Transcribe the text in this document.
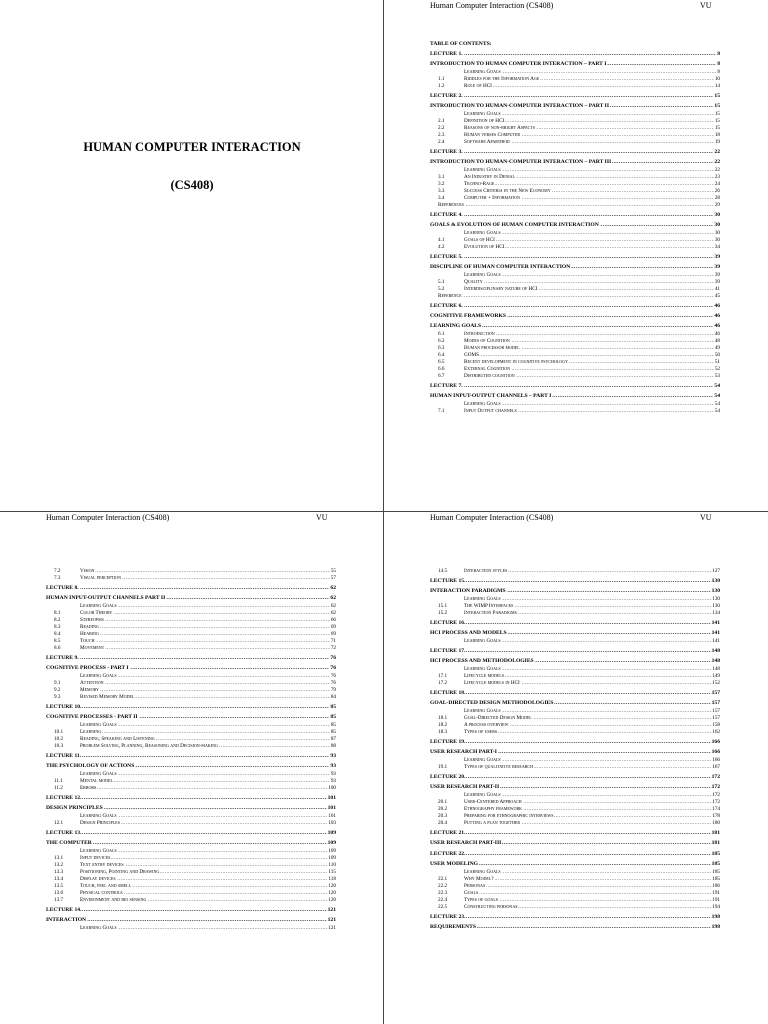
HUMAN COMPUTER INTERACTION
(CS408)
Human Computer Interaction (CS408)	VU
TABLE OF CONTENTS:
.....
LECTURE 1.	8
.....
INTRODUCTION TO HUMAN COMPUTER INTERACTION – PART I	8
.....
Learning Goals	8
.....
1.1	Riddles for the Information Age	10
.....
1.2	Role of HCI	14
.....
LECTURE 2.	15
.....
INTRODUCTION TO HUMAN-COMPUTER INTERACTION – PART II	15
.....
Learning Goals	15
.....
2.1	Definition of HCI	15
.....
2.2	Reasons of non-bright Aspects	15
.....
2.3	Human verses Computer	18
.....
2.4	Software Apartheid	19
.....
LECTURE 3.	22
.....
INTRODUCTION TO HUMAN-COMPUTER INTERACTION – PART III	22
.....
Learning Goals	22
.....
3.1	An Industry in Denial	23
.....
3.2	Techno-Rage	24
.....
3.3	Success Criteria in the New Economy	26
.....
3.4	Computer + Information	28
.....
References	29
.....
LECTURE 4.	30
.....
GOALS & EVOLUTION OF HUMAN COMPUTER INTERACTION	30
.....
Learning Goals	30
.....
4.1	Goals of HCI	30
.....
4.2	Evolution of HCI	34
.....
LECTURE 5.	39
.....
DISCIPLINE OF HUMAN COMPUTER INTERACTION	39
.....
Learning Goals	39
.....
5.1	Quality	39
.....
5.2	Interdisciplinary nature of HCI	41
.....
Reference	45
.....
LECTURE 6.	46
.....
COGNITIVE FRAMEWORKS	46
.....
LEARNING GOALS	46
.....
6.1	Introduction	46
.....
6.2	Modes of Cognition	48
.....
6.3	Human processor model	49
.....
6.4	GOMS	50
.....
6.5	Recent development in cognitive psychology	51
.....
6.6	External Cognition	52
.....
6.7	Distributed cognition	53
.....
LECTURE 7.	54
.....
HUMAN INPUT-OUTPUT CHANNELS – PART I	54
.....
Learning Goals	54
.....
7.1	Input Output channels	54
Human Computer Interaction (CS408)	VU
.....
7.2	Vision	55
.....
7.3	Visual perception	57
.....
LECTURE 8.	62
.....
HUMAN INPUT-OUTPUT CHANNELS PART II	62
.....
Learning Goals	62
.....
8.1	Color Theory	62
.....
8.2	Stereopsis	66
.....
8.3	Reading	69
.....
8.4	Hearing	69
.....
8.5	Touch	71
.....
8.6	Movement	72
.....
LECTURE 9.	76
.....
COGNITIVE PROCESS - PART I	76
.....
Learning Goals	76
.....
9.1	Attention	76
.....
9.2	Memory	79
.....
9.3	Revised Memory Model	84
.....
LECTURE 10.	85
.....
COGNITIVE PROCESSES - PART II	85
.....
Learning Goals	85
.....
10.1	Learning	85
.....
10.2	Reading, Speaking and Listening	87
.....
10.3	Problem Solving, Planning, Reasoning and Decision-making	88
.....
LECTURE 11.	93
.....
THE PSYCHOLOGY OF ACTIONS	93
.....
Learning Goals	93
.....
11.1	Mental model	93
.....
11.2	Errors	100
.....
LECTURE 12.	101
.....
DESIGN PRINCIPLES	101
.....
Learning Goals	101
.....
12.1	Design Principles	103
.....
LECTURE 13.	109
.....
THE COMPUTER	109
.....
Learning Goals	109
.....
13.1	Input devices	109
.....
13.2	Text entry devices	110
.....
13.3	Positioning, Pointing and Drawing	115
.....
13.4	Display devices	118
.....
13.5	Touch, feel and smell	120
.....
13.6	Physical controls	120
.....
13.7	Environment and bio sensing	120
.....
LECTURE 14.	121
.....
INTERACTION	121
.....
Learning Goals	121
Human Computer Interaction (CS408)	VU
.....
14.5	Interaction styles	127
.....
LECTURE 15.	130
.....
INTERACTION PARADIGMS	130
.....
Learning Goals	130
.....
15.1	The WIMP Interfaces	130
.....
15.2	Interaction Paradigms	134
.....
LECTURE 16.	141
.....
HCI PROCESS AND MODELS	141
.....
Learning Goals	141
.....
LECTURE 17.	148
.....
HCI PROCESS AND METHODOLOGIES	148
.....
Learning Goals	148
.....
17.1	Lifecycle models	149
.....
17.2	Lifecycle models in HCI	152
.....
LECTURE 18.	157
.....
GOAL-DIRECTED DESIGN METHODOLOGIES	157
.....
Learning Goals	157
.....
18.1	Goal-Directed Design Model	157
.....
18.2	A process overview	158
.....
18.3	Types of users	162
.....
LECTURE 19.	166
.....
USER RESEARCH PART-I	166
.....
Learning Goals	166
.....
19.1	Types of qualitative research	167
.....
LECTURE 20.	172
.....
USER RESEARCH PART-II	172
.....
Learning Goals	172
.....
20.1	User-Centered Approach	172
.....
20.2	Ethnography framework	174
.....
20.3	Preparing for ethnographic interviews	178
.....
20.4	Putting a plan together	180
.....
LECTURE 21.	181
.....
USER RESEARCH PART-III	181
.....
LECTURE 22.	185
.....
USER MODELING	185
.....
Learning Goals	185
.....
22.1	Why Model?	185
.....
22.2	Personas	186
.....
22.3	Goals	191
.....
22.4	Types of goals	191
.....
22.5	Constructing personas	194
.....
LECTURE 23.	198
.....
REQUIREMENTS	198
